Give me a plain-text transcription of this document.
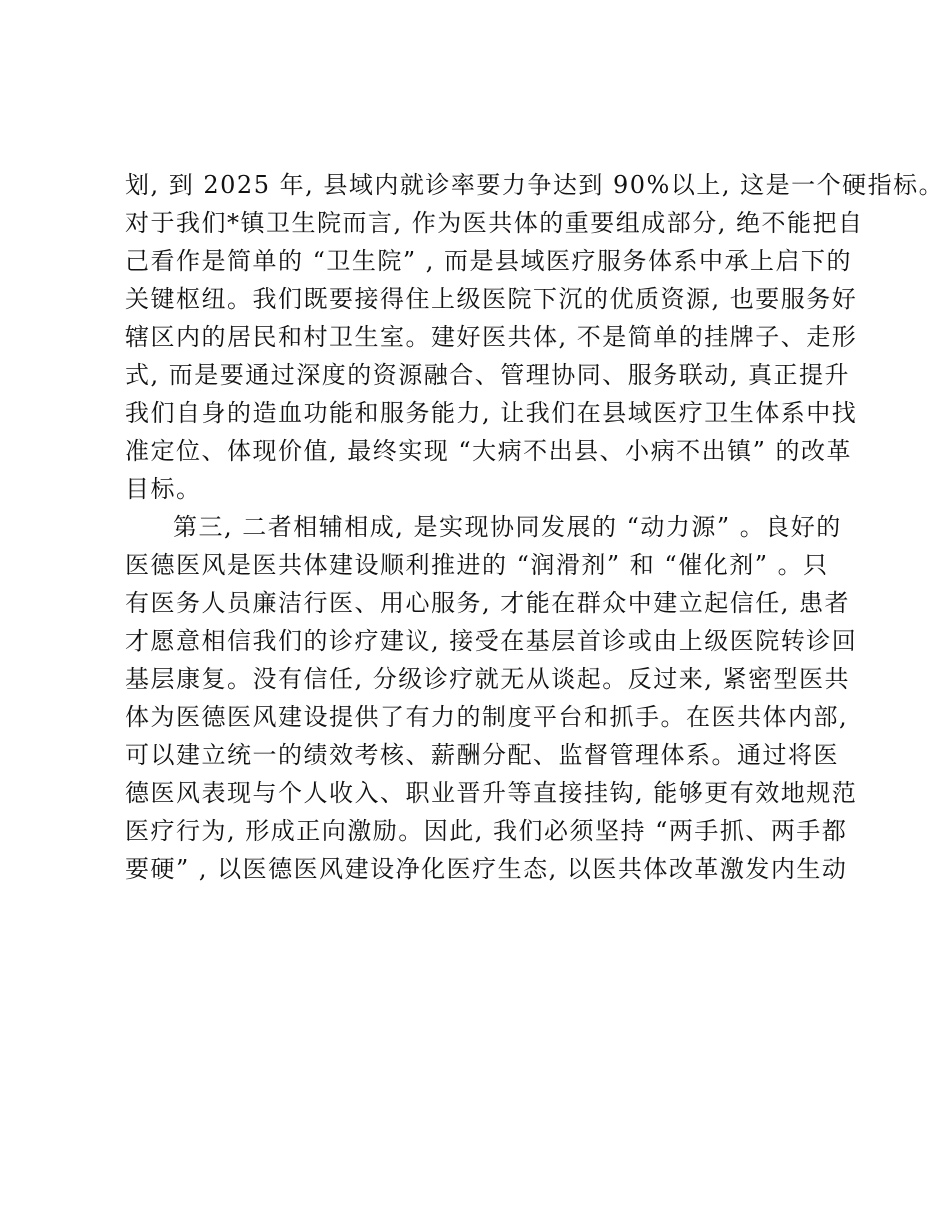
划, 到 2025 年, 县域内就诊率要力争达到 90%以上, 这是一个硬指标。
对于我们*镇卫生院而言, 作为医共体的重要组成部分, 绝不能把自
己看作是简单的 “卫生院” , 而是县域医疗服务体系中承上启下的
关键枢纽。我们既要接得住上级医院下沉的优质资源, 也要服务好
辖区内的居民和村卫生室。建好医共体, 不是简单的挂牌子、走形
式, 而是要通过深度的资源融合、管理协同、服务联动, 真正提升
我们自身的造血功能和服务能力, 让我们在县域医疗卫生体系中找
准定位、体现价值, 最终实现 “大病不出县、小病不出镇” 的改革
目标。
第三, 二者相辅相成, 是实现协同发展的 “动力源” 。良好的
医德医风是医共体建设顺利推进的 “润滑剂” 和 “催化剂” 。只
有医务人员廉洁行医、用心服务, 才能在群众中建立起信任, 患者
才愿意相信我们的诊疗建议, 接受在基层首诊或由上级医院转诊回
基层康复。没有信任, 分级诊疗就无从谈起。反过来, 紧密型医共
体为医德医风建设提供了有力的制度平台和抓手。在医共体内部,
可以建立统一的绩效考核、薪酬分配、监督管理体系。通过将医
德医风表现与个人收入、职业晋升等直接挂钩, 能够更有效地规范
医疗行为, 形成正向激励。因此, 我们必须坚持 “两手抓、两手都
要硬” , 以医德医风建设净化医疗生态, 以医共体改革激发内生动
